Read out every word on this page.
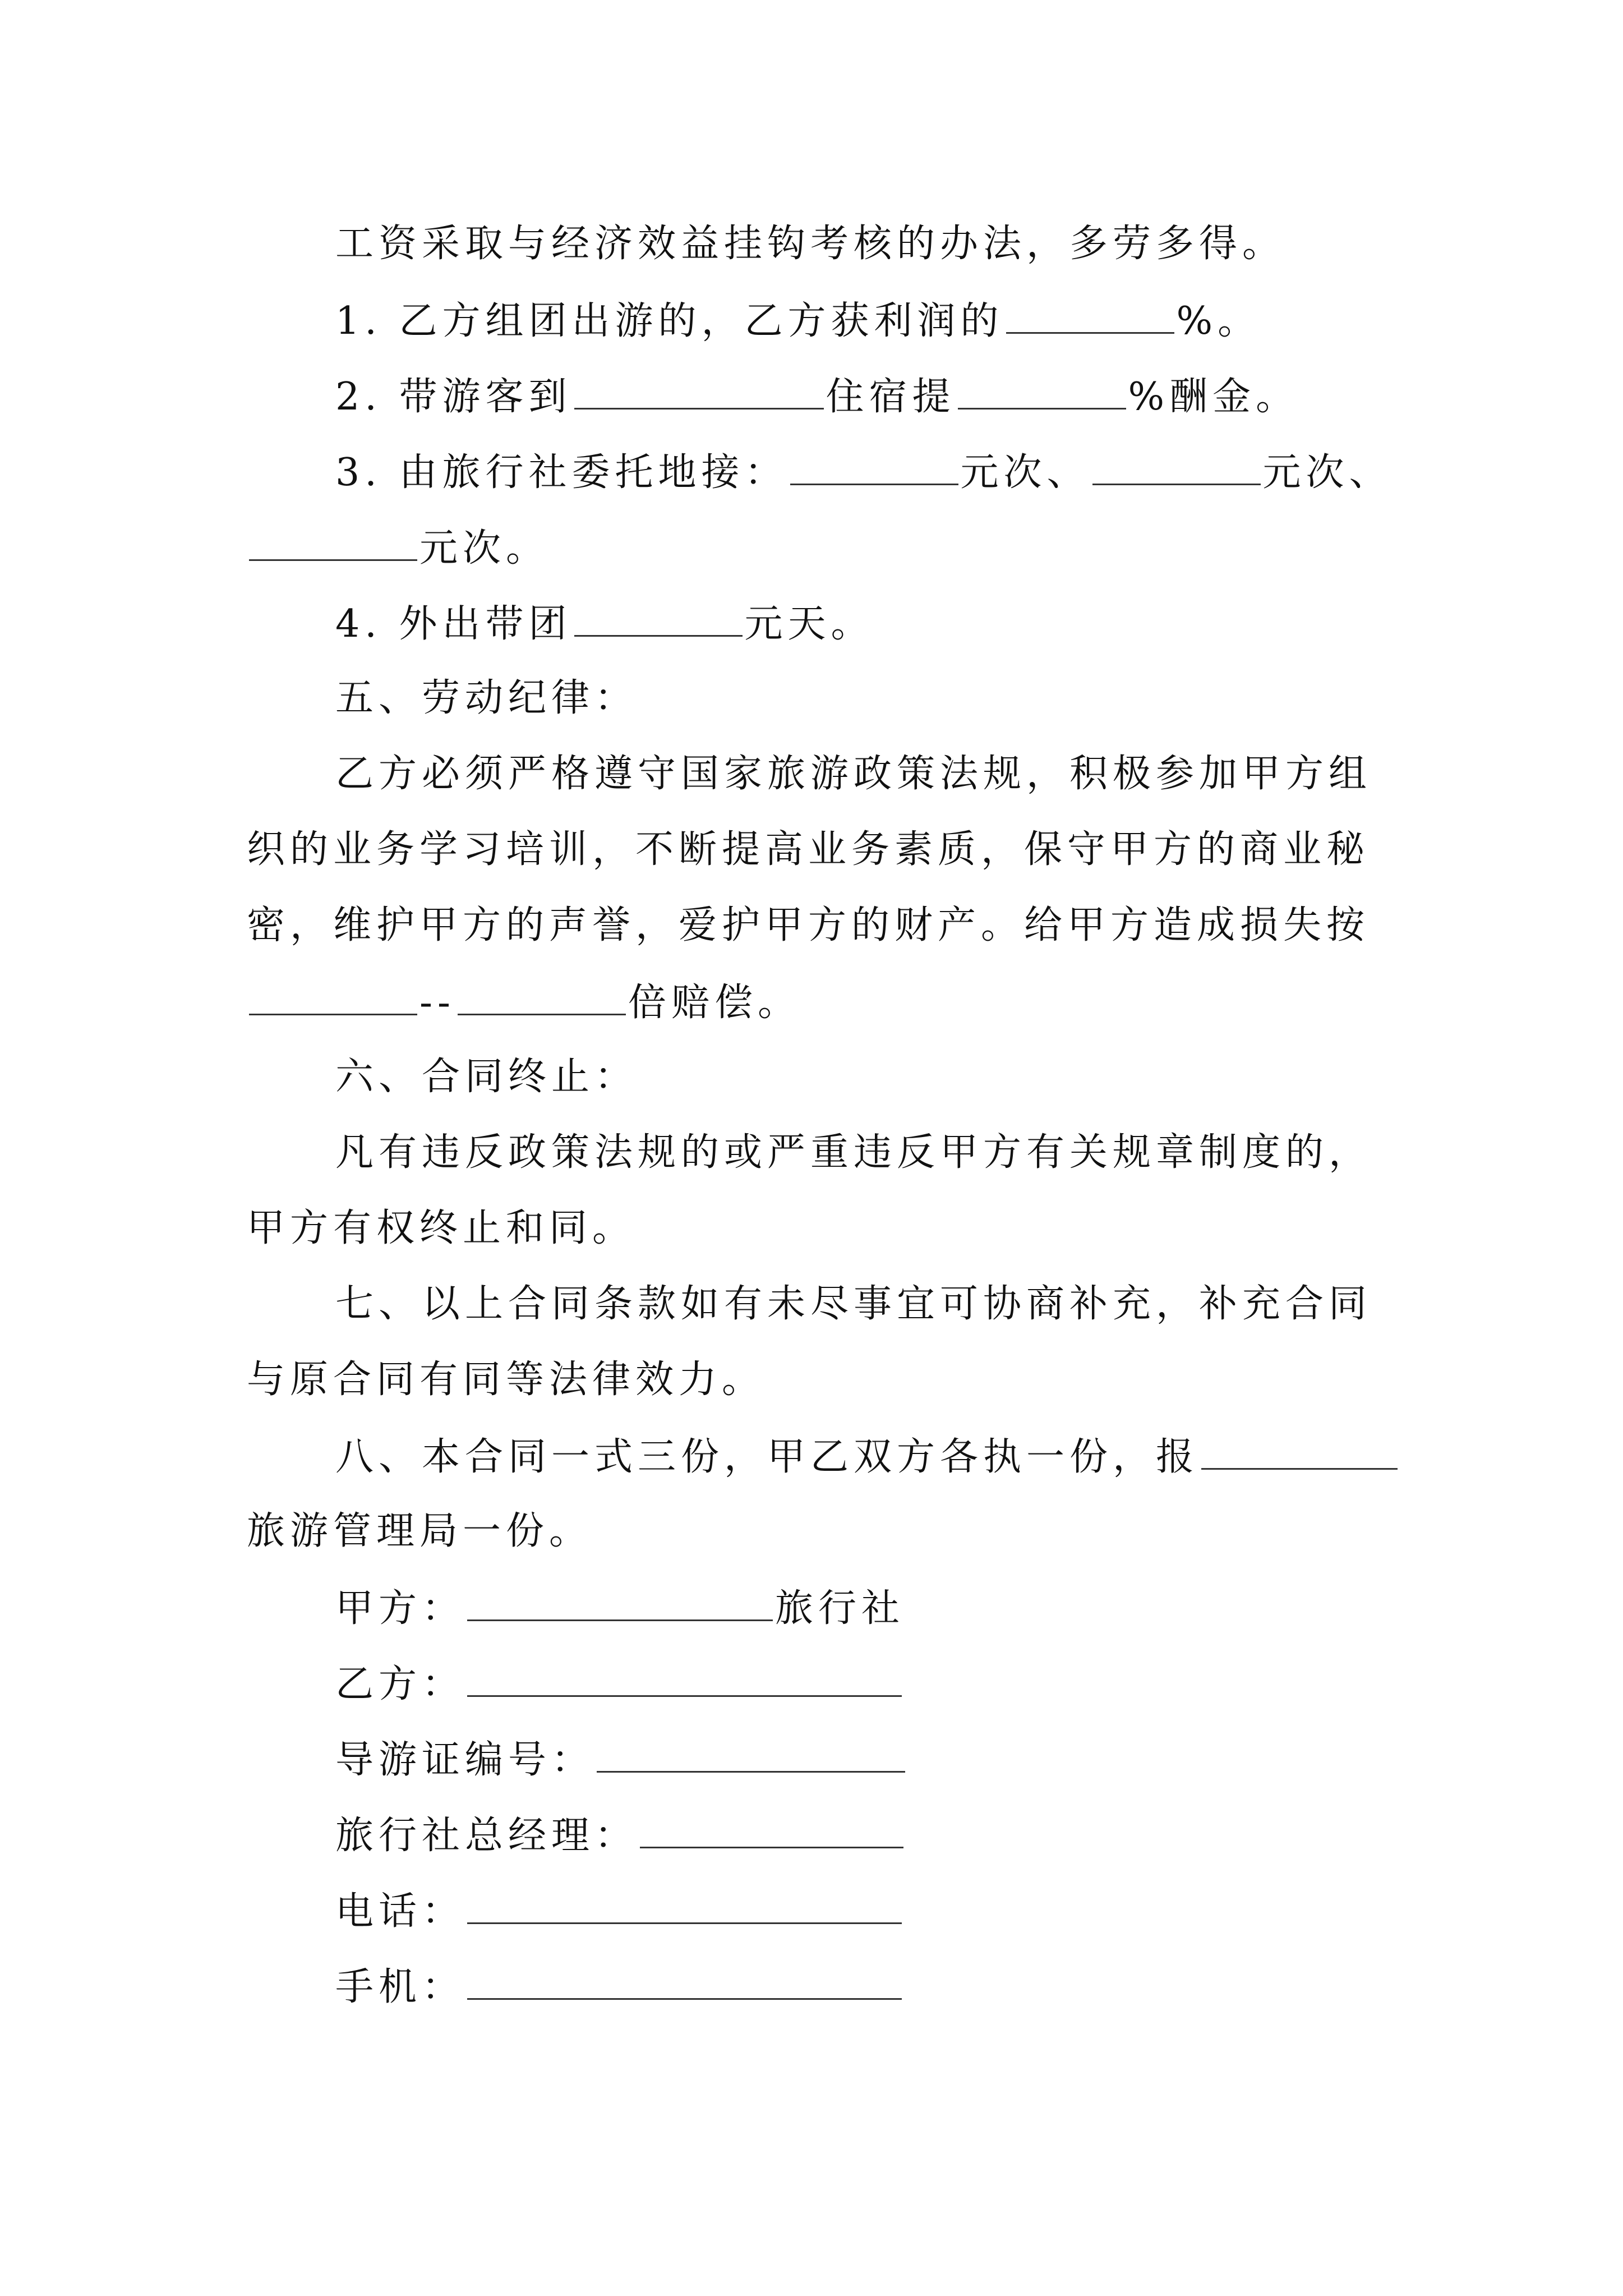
工资采取与经济效益挂钩考核的办法，多劳多得。
1. 乙方组团出游的，乙方获利润的	%。
2. 带游客到	住宿提	%酬金。
3. 由旅行社委托地接：	元次、	元次、
元次。
4. 外出带团	元天。
五、劳动纪律：
乙方必须严格遵守国家旅游政策法规，积极参加甲方组
织的业务学习培训，不断提高业务素质，保守甲方的商业秘
密，维护甲方的声誉，爱护甲方的财产。给甲方造成损失按
--	倍赔偿。
六、合同终止：
凡有违反政策法规的或严重违反甲方有关规章制度的，
甲方有权终止和同。
七、以上合同条款如有未尽事宜可协商补充，补充合同
与原合同有同等法律效力。
八、本合同一式三份，甲乙双方各执一份，报
旅游管理局一份。
甲方：	旅行社
乙方：
导游证编号：
旅行社总经理：
电话：
手机：
